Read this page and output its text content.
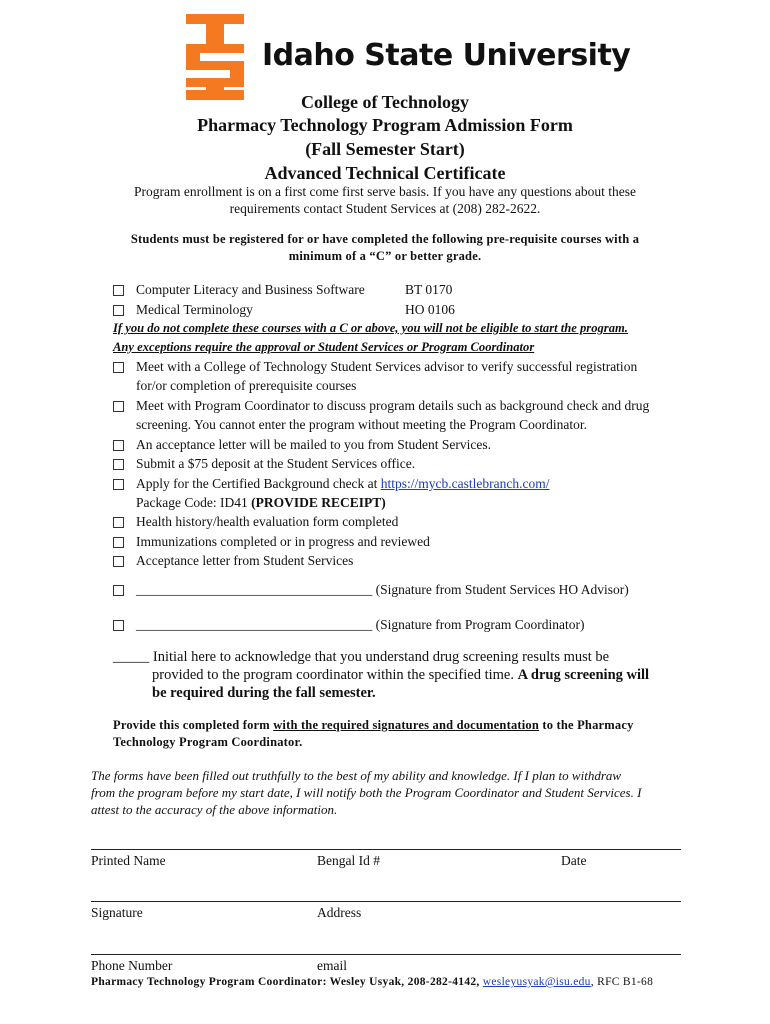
Idaho State University
College of Technology
Pharmacy Technology Program Admission Form
(Fall Semester Start)
Advanced Technical Certificate
Program enrollment is on a first come first serve basis. If you have any questions about these
requirements contact Student Services at (208) 282-2622.
Students must be registered for or have completed the following pre-requisite courses with a
minimum of a “C” or better grade.
Computer Literacy and Business Software	BT 0170
Medical Terminology	HO 0106
If you do not complete these courses with a C or above, you will not be eligible to start the program.
Any exceptions require the approval or Student Services or Program Coordinator
Meet with a College of Technology Student Services advisor to verify successful registration
for/or completion of prerequisite courses
Meet with Program Coordinator to discuss program details such as background check and drug
screening. You cannot enter the program without meeting the Program Coordinator.
An acceptance letter will be mailed to you from Student Services.
Submit a $75 deposit at the Student Services office.
Apply for the Certified Background check at https://mycb.castlebranch.com/
Package Code: ID41 (PROVIDE RECEIPT)
Health history/health evaluation form completed
Immunizations completed or in progress and reviewed
Acceptance letter from Student Services
___________________________________ (Signature from Student Services HO Advisor)
___________________________________ (Signature from Program Coordinator)
_____ Initial here to acknowledge that you understand drug screening results must be
provided to the program coordinator within the specified time. A drug screening will
be required during the fall semester.
Provide this completed form with the required signatures and documentation to the Pharmacy
Technology Program Coordinator.
The forms have been filled out truthfully to the best of my ability and knowledge. If I plan to withdraw
from the program before my start date, I will notify both the Program Coordinator and Student Services. I
attest to the accuracy of the above information.
Printed Name	Bengal Id #	Date
Signature	Address
Phone Number	email
Pharmacy Technology Program Coordinator: Wesley Usyak, 208-282-4142, wesleyusyak@isu.edu, RFC B1-68
